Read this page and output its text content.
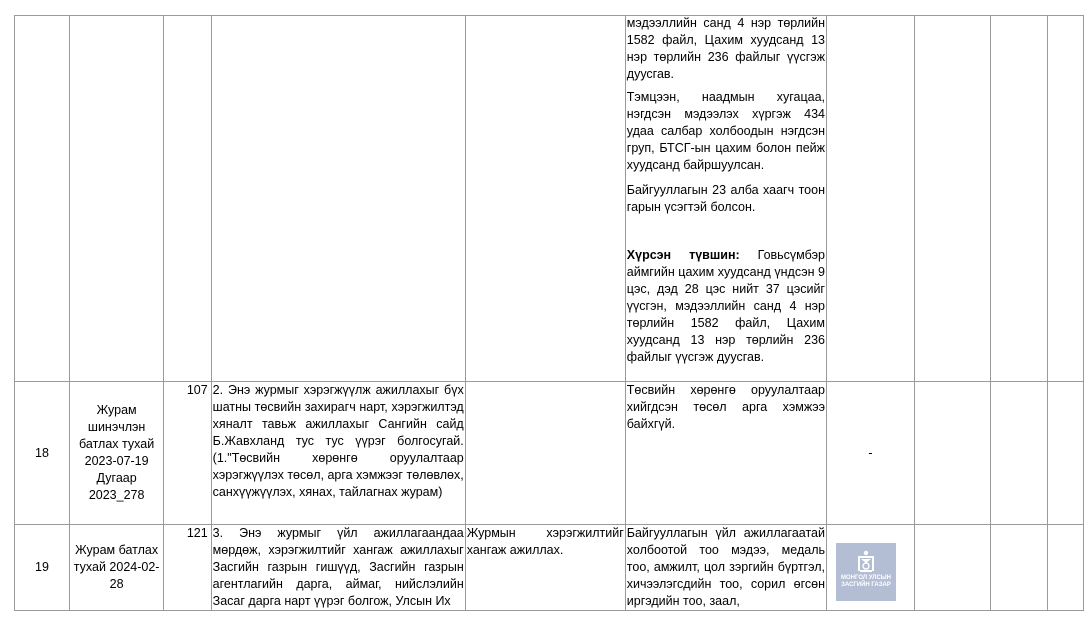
					мэдээллийн санд 4 нэр төрлийн 1582 файл, Цахим хуудсанд 13 нэр төрлийн 236 файлыг үүсгэж дуусгав.

Тэмцээн, наадмын хугацаа, нэгдсэн мэдээлэх хүргэж 434 удаа салбар холбоодын нэгдсэн груп, БТСГ-ын цахим болон пейж хуудсанд байршуулсан.

Байгууллагын 23 алба хаагч тоон гарын үсэгтэй болсон.

Хүрсэн түвшин: Говьсүмбэр аймгийн цахим хуудсанд үндсэн 9 цэс, дэд 28 цэс нийт 37 цэсийг үүсгэн, мэдээллийн санд 4 нэр төрлийн 1582 файл, Цахим хуудсанд 13 нэр төрлийн 236 файлыг үүсгэж дуусгав.				

18	Журам шинэчлэн батлах тухай 2023-07-19 Дугаар 2023_278	107	2. Энэ журмыг хэрэгжүүлж ажиллахыг бүх шатны төсвийн захирагч нарт, хэрэгжилтэд хяналт тавьж ажиллахыг Сангийн сайд Б.Жавхланд тус тус үүрэг болгосугай.(1."Төсвийн хөрөнгө оруулалтаар хэрэгжүүлэх төсөл, арга хэмжээг төлөвлөх, санхүүжүүлэх, хянах, тайлагнах журам)		Төсвийн хөрөнгө оруулалтаар хийгдсэн төсөл арга хэмжээ байхгүй.	-			
19	Журам батлах тухай 2024-02-28	121	3. Энэ журмыг үйл ажиллагаандаа мөрдөж, хэрэгжилтийг хангаж ажиллахыг Засгийн газрын гишүүд, Засгийн газрын агентлагийн дарга, аймаг, нийслэлийн Засаг дарга нарт үүрэг болгож, Улсын Их	Журмын хэрэгжилтийг хангаж ажиллах.	Байгууллагын үйл ажиллагаатай холбоотой тоо мэдээ, медаль тоо, амжилт, цол зэргийн бүртгэл, хичээлэгсдийн тоо, сорил өгсөн иргэдийн тоо, заал,				
МОНГОЛ УЛСЫН
ЗАСГИЙН ГАЗАР
